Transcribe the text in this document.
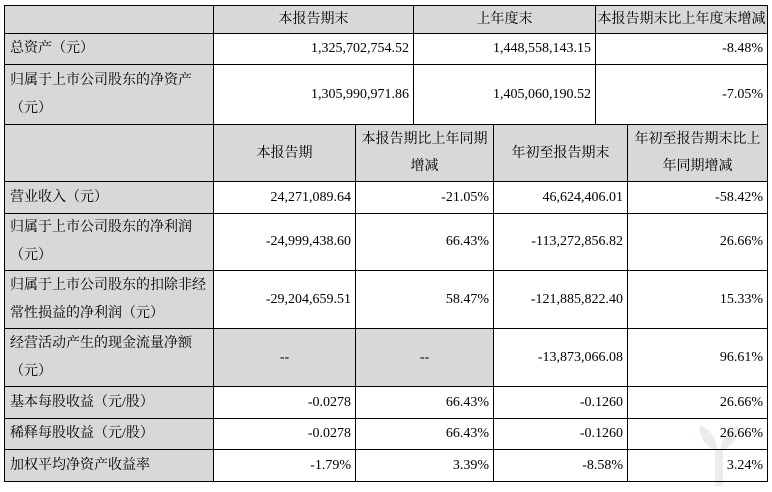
	本报告期末	上年度末	本报告期末比上年度末增减
总资产（元）	1,325,702,754.52	1,448,558,143.15	-8.48%
归属于上市公司股东的净资产（元）	1,305,990,971.86	1,405,060,190.52	-7.05%
	本报告期	本报告期比上年同期增减	年初至报告期末	年初至报告期末比上年同期增减
营业收入（元）	24,271,089.64	-21.05%	46,624,406.01	-58.42%
归属于上市公司股东的净利润（元）	-24,999,438.60	66.43%	-113,272,856.82	26.66%
归属于上市公司股东的扣除非经常性损益的净利润（元）	-29,204,659.51	58.47%	-121,885,822.40	15.33%
经营活动产生的现金流量净额（元）	--	--	-13,873,066.08	96.61%
基本每股收益（元/股）	-0.0278	66.43%	-0.1260	26.66%
稀释每股收益（元/股）	-0.0278	66.43%	-0.1260	26.66%
加权平均净资产收益率	-1.79%	3.39%	-8.58%	3.24%
